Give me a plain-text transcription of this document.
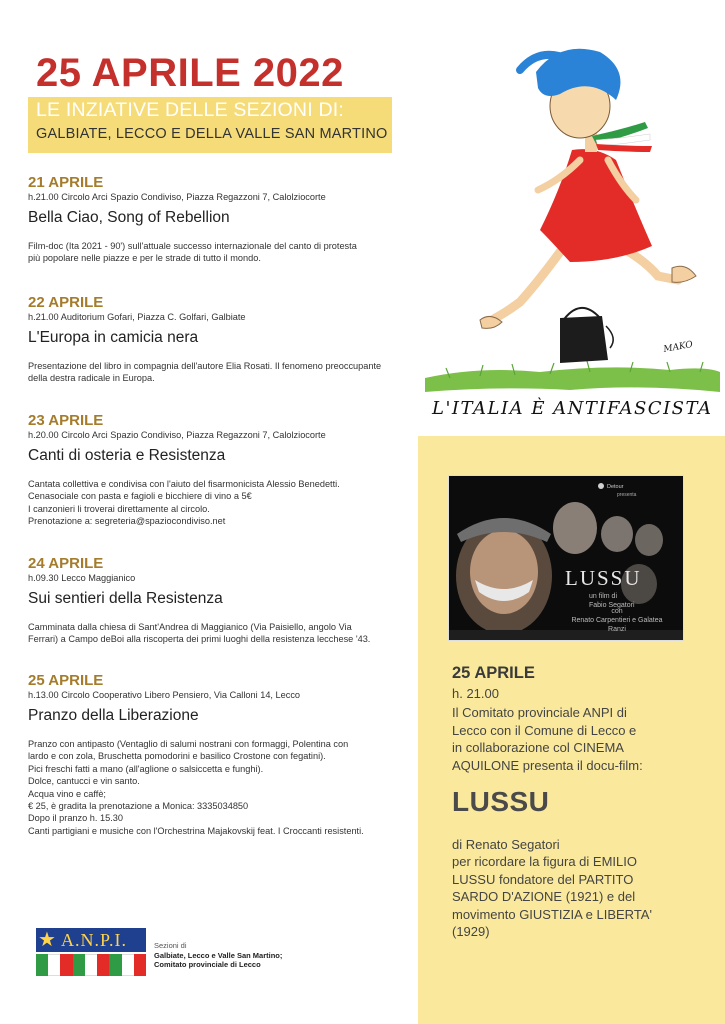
25 APRILE 2022
LE INZIATIVE DELLE SEZIONI DI:
GALBIATE, LECCO E DELLA VALLE SAN MARTINO
21 APRILE
h.21.00 Circolo Arci Spazio Condiviso, Piazza Regazzoni 7, Calolziocorte
Bella Ciao, Song of Rebellion
Film-doc (Ita 2021 - 90') sull'attuale successo internazionale del canto di protesta
più popolare nelle piazze e per le strade di tutto il mondo.
22 APRILE
h.21.00 Auditorium Gofari, Piazza C. Golfari, Galbiate
L'Europa in camicia nera
Presentazione del libro in compagnia dell'autore Elia Rosati. Il fenomeno preoccupante
della destra radicale in Europa.
23 APRILE
h.20.00 Circolo Arci Spazio Condiviso, Piazza Regazzoni 7, Calolziocorte
Canti di osteria e Resistenza
Cantata collettiva e condivisa con l'aiuto del fisarmonicista Alessio Benedetti.
Cenasociale con pasta e fagioli e bicchiere di vino a 5€
I canzonieri li troverai direttamente al circolo.
Prenotazione a: segreteria@spaziocondiviso.net
24 APRILE
h.09.30 Lecco Maggianico
Sui sentieri della Resistenza
Camminata dalla chiesa di Sant'Andrea di Maggianico (Via Paisiello, angolo Via
Ferrari) a Campo deBoi alla riscoperta dei primi luoghi della resistenza lecchese '43.
25 APRILE
h.13.00 Circolo Cooperativo Libero Pensiero, Via Calloni 14, Lecco
Pranzo della Liberazione
Pranzo con antipasto (Ventaglio di salumi nostrani con formaggi, Polentina con
lardo e con zola, Bruschetta pomodorini e basilico Crostone con fegatini).
Pici freschi fatti a mano (all'aglione o salsiccetta e funghi).
Dolce, cantucci e vin santo.
Acqua vino e caffè;
€ 25, è gradita la prenotazione a Monica: 3335034850
Dopo il pranzo h. 15.30
Canti partigiani e musiche con l'Orchestrina Majakovskij feat. I Croccanti resistenti.
MAKO
L'ITALIA È ANTIFASCISTA
Detour
presenta
LUSSU
un film di
Fabio Segatori
con
Renato Carpentieri e Galatea Ranzi
25 APRILE
h. 21.00
Il Comitato provinciale ANPI di
Lecco con il Comune di Lecco e
in collaborazione col CINEMA
AQUILONE presenta il docu-film:
LUSSU
di Renato Segatori
per ricordare la figura di EMILIO
LUSSU fondatore del PARTITO
SARDO D'AZIONE (1921) e del
movimento GIUSTIZIA e LIBERTA'
(1929)
★ A.N.P.I.	Sezioni di
Galbiate, Lecco e Valle San Martino;
Comitato provinciale di Lecco
